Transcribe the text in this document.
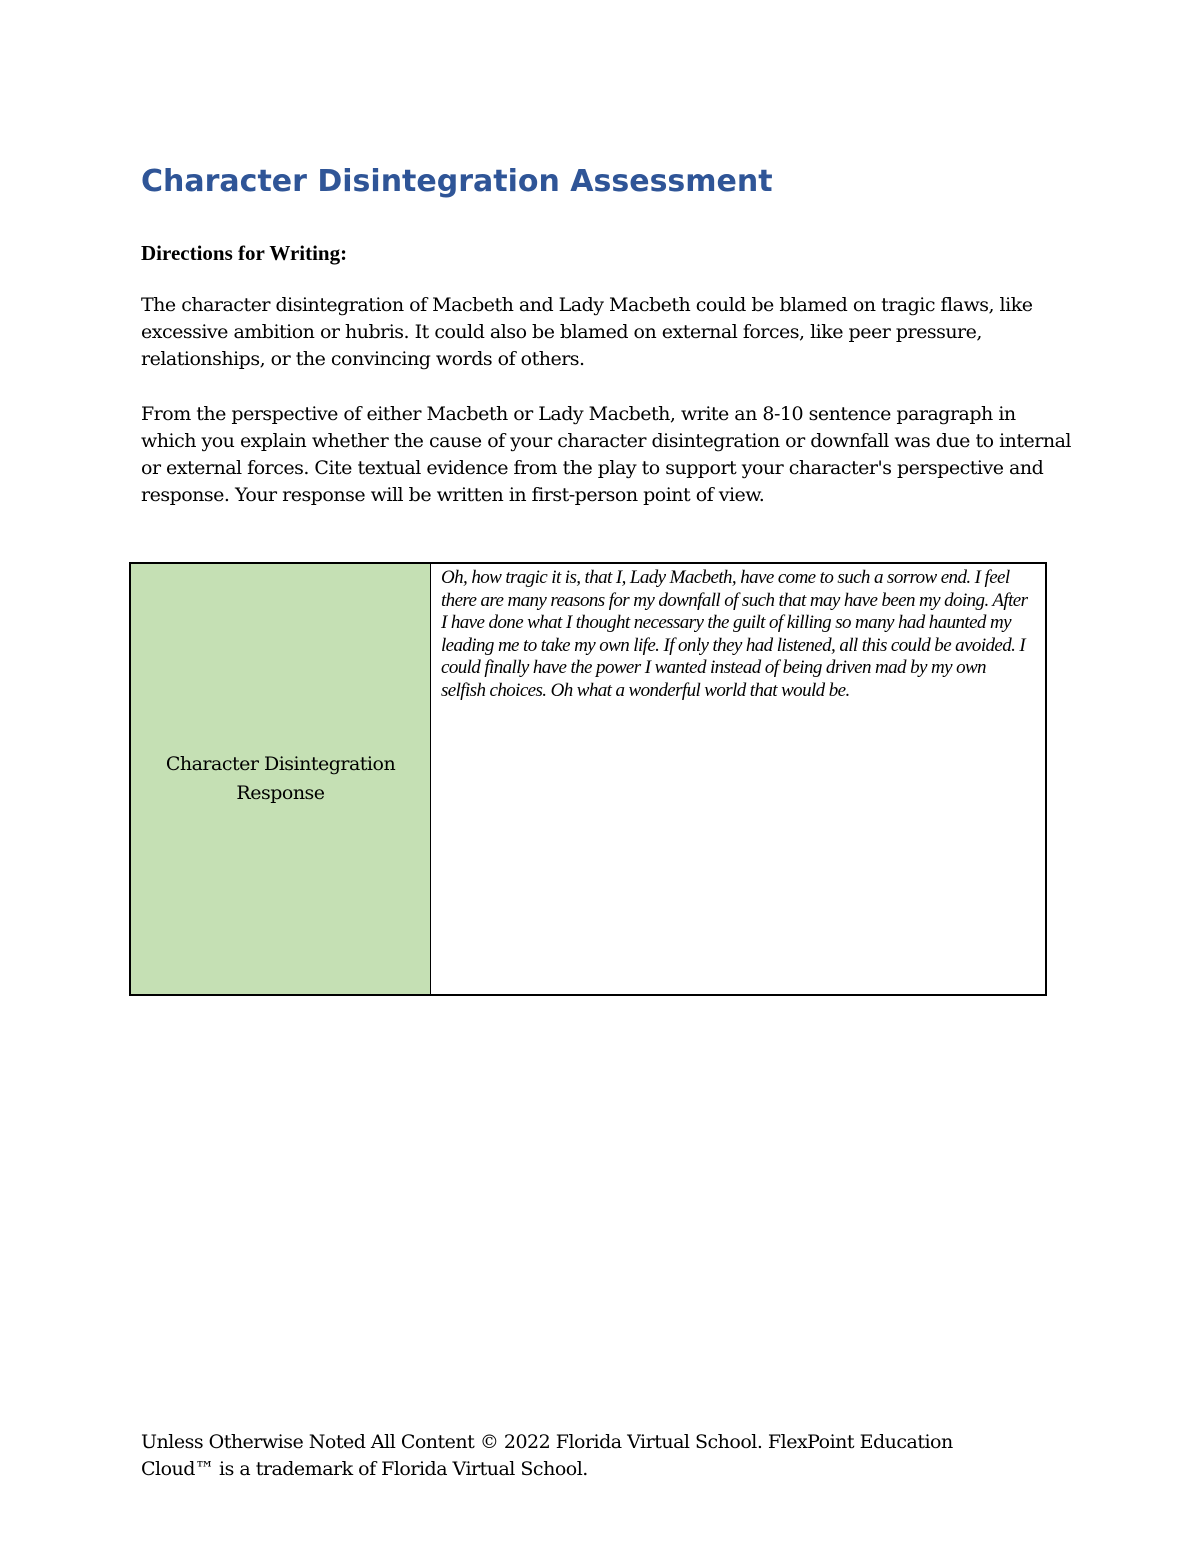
Character Disintegration Assessment
Directions for Writing:

The character disintegration of Macbeth and Lady Macbeth could be blamed on tragic flaws, like excessive ambition or hubris. It could also be blamed on external forces, like peer pressure, relationships, or the convincing words of others.

From the perspective of either Macbeth or Lady Macbeth, write an 8-10 sentence paragraph in which you explain whether the cause of your character disintegration or downfall was due to internal or external forces. Cite textual evidence from the play to support your character's perspective and response. Your response will be written in first-person point of view.

Character Disintegration Response

Oh, how tragic it is, that I, Lady Macbeth, have come to such a sorrow end. I feel there are many reasons for my downfall of such that may have been my doing. After I have done what I thought necessary the guilt of killing so many had haunted my leading me to take my own life. If only they had listened, all this could be avoided. I could finally have the power I wanted instead of being driven mad by my own selfish choices. Oh what a wonderful world that would be.

Unless Otherwise Noted All Content © 2022 Florida Virtual School. FlexPoint Education Cloud™ is a trademark of Florida Virtual School.
